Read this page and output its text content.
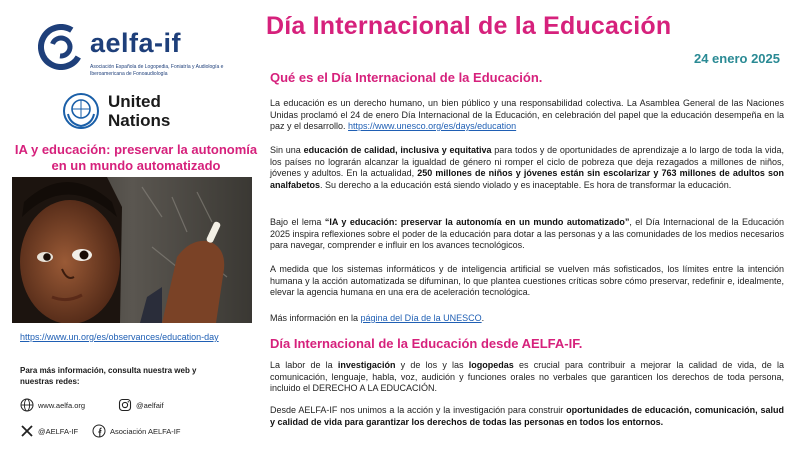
aelfa-if
Asociación Española de Logopedia, Foniatría y Audiología e Iberoamericana de Fonoaudiología
United
Nations
IA y educación: preservar la autonomía en un mundo automatizado
https://www.un.org/es/observances/education-day
Para más información, consulta nuestra web y nuestras redes:
www.aelfa.org	@aelfaif
@AELFA-IF	Asociación AELFA-IF
Día Internacional de la Educación
24 enero 2025
Qué es el Día Internacional de la Educación.
La educación es un derecho humano, un bien público y una responsabilidad colectiva. La Asamblea General de las Naciones Unidas proclamó el 24 de enero Día Internacional de la Educación, en celebración del papel que la educación desempeña en la paz y el desarrollo. https://www.unesco.org/es/days/education
Sin una educación de calidad, inclusiva y equitativa para todos y de oportunidades de aprendizaje a lo largo de toda la vida, los países no lograrán alcanzar la igualdad de género ni romper el ciclo de pobreza que deja rezagados a millones de niños, jóvenes y adultos. En la actualidad, 250 millones de niños y jóvenes están sin escolarizar y 763 millones de adultos son analfabetos. Su derecho a la educación está siendo violado y es inaceptable. Es hora de transformar la educación.
Bajo el lema “IA y educación: preservar la autonomía en un mundo automatizado”, el Día Internacional de la Educación 2025 inspira reflexiones sobre el poder de la educación para dotar a las personas y a las comunidades de los medios necesarios para navegar, comprender e influir en los avances tecnológicos.
A medida que los sistemas informáticos y de inteligencia artificial se vuelven más sofisticados, los límites entre la intención humana y la acción automatizada se difuminan, lo que plantea cuestiones críticas sobre cómo preservar, redefinir e, idealmente, elevar la agencia humana en una era de aceleración tecnológica.
Más información en la página del Día de la UNESCO.
Día Internacional de la Educación desde AELFA-IF.
La labor de la investigación y de los y las logopedas es crucial para contribuir a mejorar la calidad de vida, de la comunicación, lenguaje, habla, voz, audición y funciones orales no verbales que garanticen los derechos de toda persona, incluido el DERECHO A LA EDUCACIÓN.
Desde AELFA-IF nos unimos a la acción y la investigación para construir oportunidades de educación, comunicación, salud y calidad de vida para garantizar los derechos de todas las personas en todos los entornos.
